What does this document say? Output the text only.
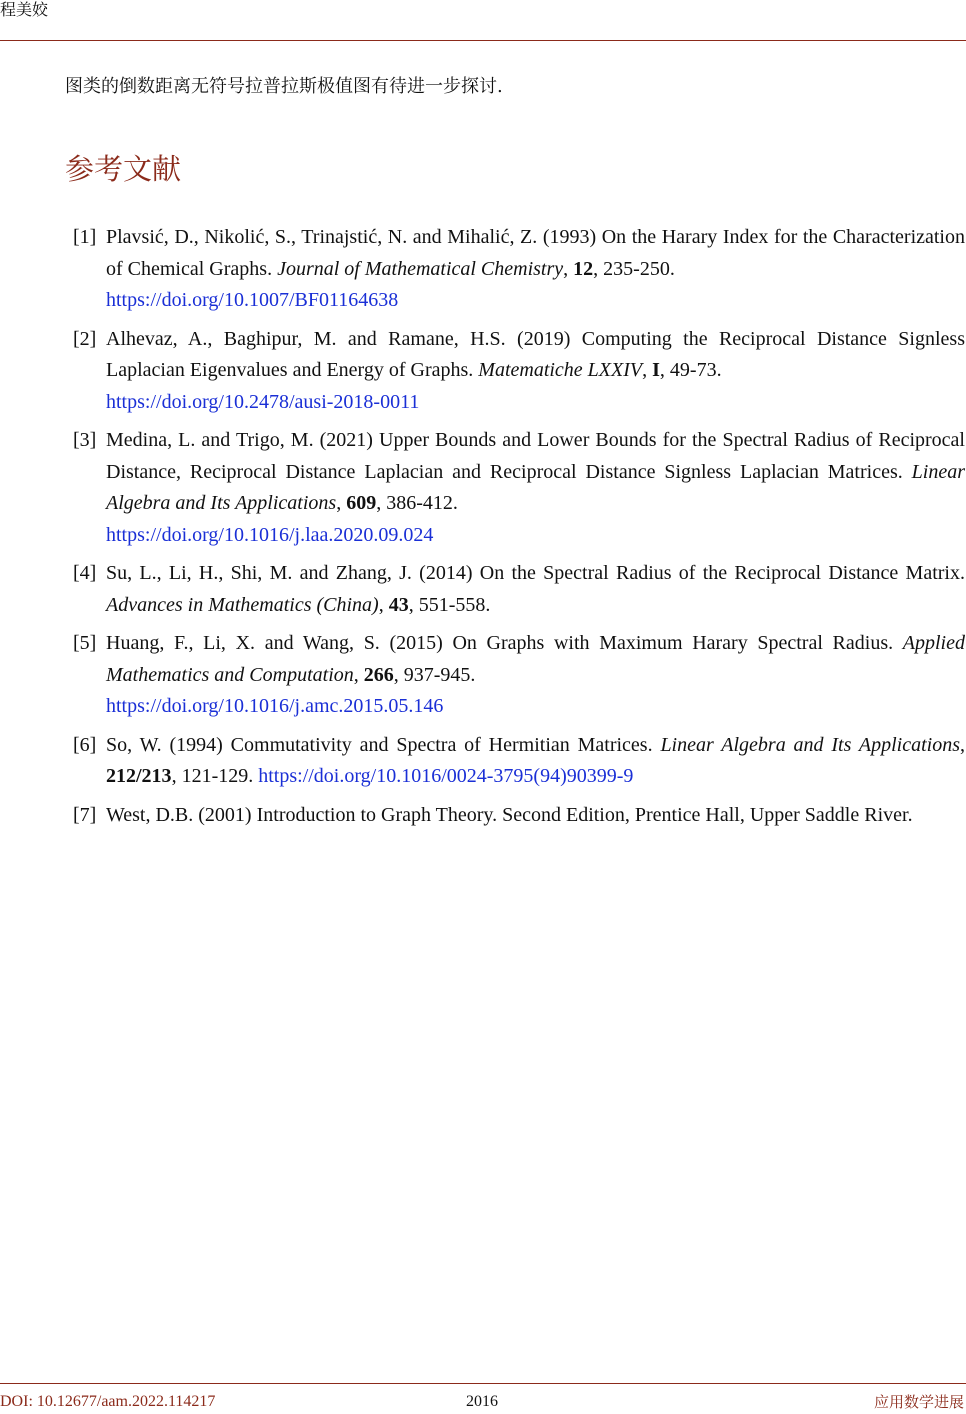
程美姣
图类的倒数距离无符号拉普拉斯极值图有待进一步探讨.
参考文献
[1] Plavsić, D., Nikolić, S., Trinajstić, N. and Mihalić, Z. (1993) On the Harary Index for the Characterization of Chemical Graphs. Journal of Mathematical Chemistry, 12, 235-250.
https://doi.org/10.1007/BF01164638
[2] Alhevaz, A., Baghipur, M. and Ramane, H.S. (2019) Computing the Reciprocal Distance Signless Laplacian Eigenvalues and Energy of Graphs. Matematiche LXXIV, I, 49-73.
https://doi.org/10.2478/ausi-2018-0011
[3] Medina, L. and Trigo, M. (2021) Upper Bounds and Lower Bounds for the Spectral Radius of Reciprocal Distance, Reciprocal Distance Laplacian and Reciprocal Distance Signless Laplacian Matrices. Linear Algebra and Its Applications, 609, 386-412.
https://doi.org/10.1016/j.laa.2020.09.024
[4] Su, L., Li, H., Shi, M. and Zhang, J. (2014) On the Spectral Radius of the Reciprocal Distance Matrix. Advances in Mathematics (China), 43, 551-558.
[5] Huang, F., Li, X. and Wang, S. (2015) On Graphs with Maximum Harary Spectral Radius. Applied Mathematics and Computation, 266, 937-945.
https://doi.org/10.1016/j.amc.2015.05.146
[6] So, W. (1994) Commutativity and Spectra of Hermitian Matrices. Linear Algebra and Its Applications, 212/213, 121-129. https://doi.org/10.1016/0024-3795(94)90399-9
[7] West, D.B. (2001) Introduction to Graph Theory. Second Edition, Prentice Hall, Upper Saddle River.
DOI: 10.12677/aam.2022.114217	2016	应用数学进展
